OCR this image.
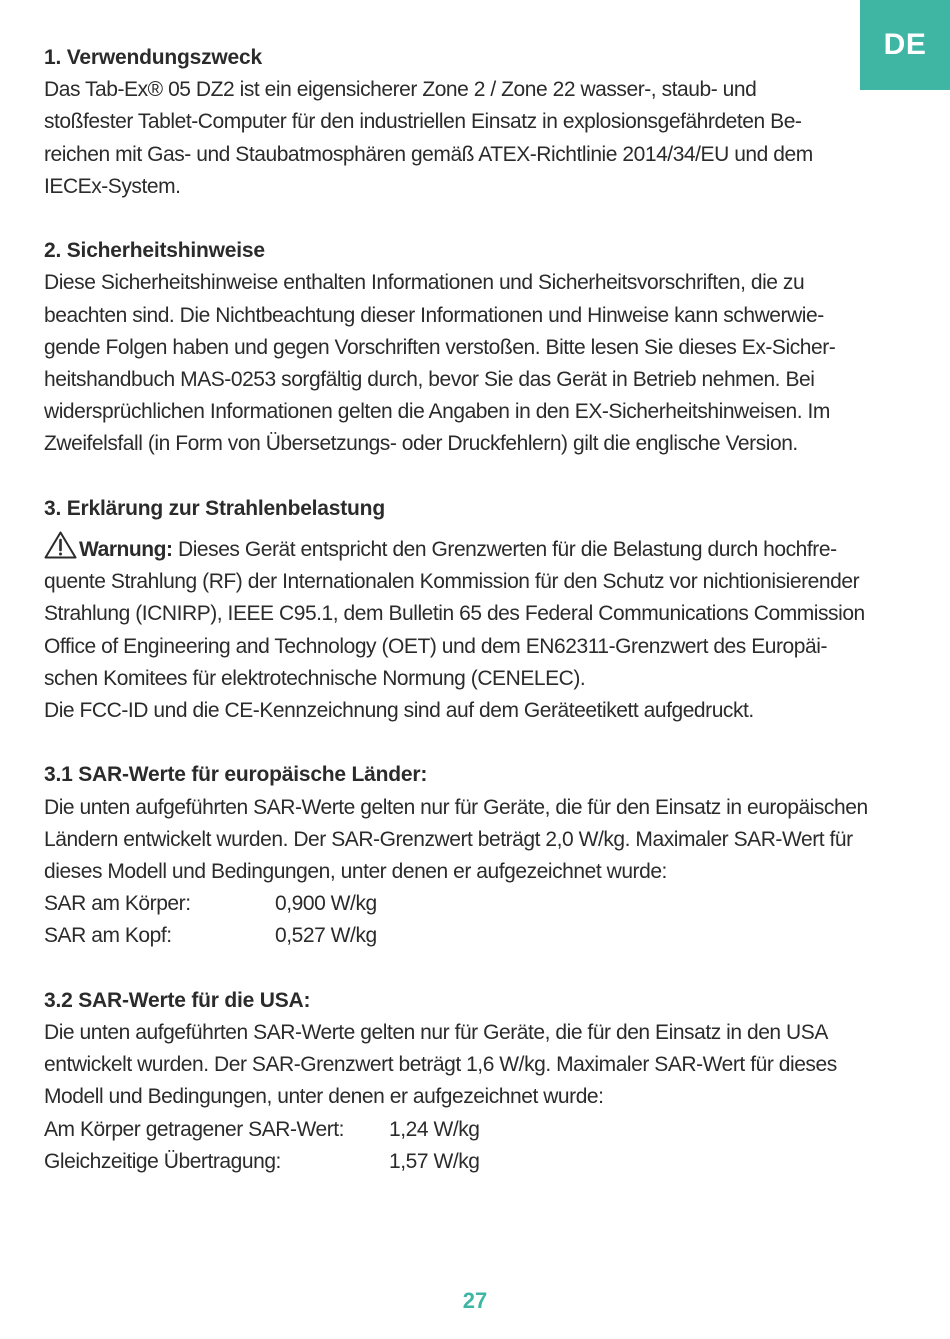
DE
1. Verwendungszweck
Das Tab-Ex® 05 DZ2 ist ein eigensicherer Zone 2 / Zone 22 wasser-, staub- und
stoßfester Tablet-Computer für den industriellen Einsatz in explosionsgefährdeten Be-
reichen mit Gas- und Staubatmosphären gemäß ATEX-Richtlinie 2014/34/EU und dem
IECEx-System.
2. Sicherheitshinweise
Diese Sicherheitshinweise enthalten Informationen und Sicherheitsvorschriften, die zu
beachten sind. Die Nichtbeachtung dieser Informationen und Hinweise kann schwerwie-
gende Folgen haben und gegen Vorschriften verstoßen. Bitte lesen Sie dieses Ex-Sicher-
heitshandbuch MAS-0253 sorgfältig durch, bevor Sie das Gerät in Betrieb nehmen. Bei
widersprüchlichen Informationen gelten die Angaben in den EX-Sicherheitshinweisen. Im
Zweifelsfall (in Form von Übersetzungs- oder Druckfehlern) gilt die englische Version.
3. Erklärung zur Strahlenbelastung
Warnung: Dieses Gerät entspricht den Grenzwerten für die Belastung durch hochfre-
quente Strahlung (RF) der Internationalen Kommission für den Schutz vor nichtionisierender
Strahlung (ICNIRP), IEEE C95.1, dem Bulletin 65 des Federal Communications Commission
Office of Engineering and Technology (OET) und dem EN62311-Grenzwert des Europäi-
schen Komitees für elektrotechnische Normung (CENELEC).
Die FCC-ID und die CE-Kennzeichnung sind auf dem Geräteetikett aufgedruckt.
3.1 SAR-Werte für europäische Länder:
Die unten aufgeführten SAR-Werte gelten nur für Geräte, die für den Einsatz in europäischen
Ländern entwickelt wurden. Der SAR-Grenzwert beträgt 2,0 W/kg. Maximaler SAR-Wert für
dieses Modell und Bedingungen, unter denen er aufgezeichnet wurde:
SAR am Körper:	0,900 W/kg
SAR am Kopf:	0,527 W/kg
3.2 SAR-Werte für die USA:
Die unten aufgeführten SAR-Werte gelten nur für Geräte, die für den Einsatz in den USA
entwickelt wurden. Der SAR-Grenzwert beträgt 1,6 W/kg. Maximaler SAR-Wert für dieses
Modell und Bedingungen, unter denen er aufgezeichnet wurde:
Am Körper getragener SAR-Wert:	1,24 W/kg
Gleichzeitige Übertragung:	1,57 W/kg
27
